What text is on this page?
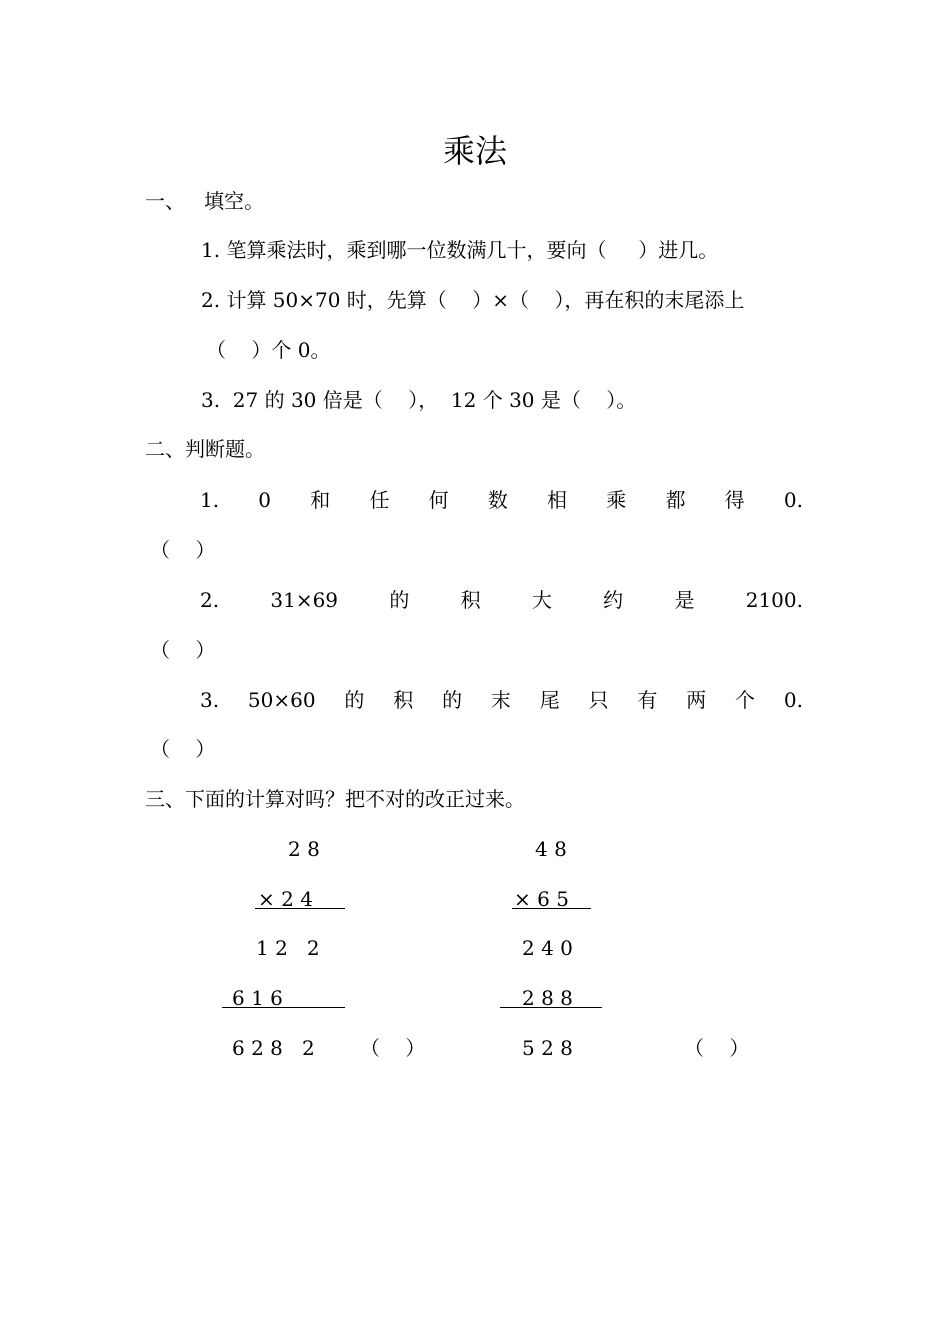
乘法
一、   填空。
1. 笔算乘法时，乘到哪一位数满几十，要向（     ）进几。
2. 计算 50×70 时，先算（    ）×（    ），再在积的末尾添上
（    ）个 0。
3.  27 的 30 倍是（    ），  12 个 30 是（    ）。
二、判断题。
1. 0 和 任 何 数 相 乘 都 得 0.
（    ）
2.	31×69	的	积	大	约	是	2100.
（    ）
3. 50×60 的 积 的 末 尾 只 有 两 个 0.
（    ）
三、下面的计算对吗？把不对的改正过来。
2 8
× 2 4
1 2   2
6 1 6
6 2 8   2 （    ）
4 8
× 6 5
2 4 0
2 8 8
5 2 8	（    ）
